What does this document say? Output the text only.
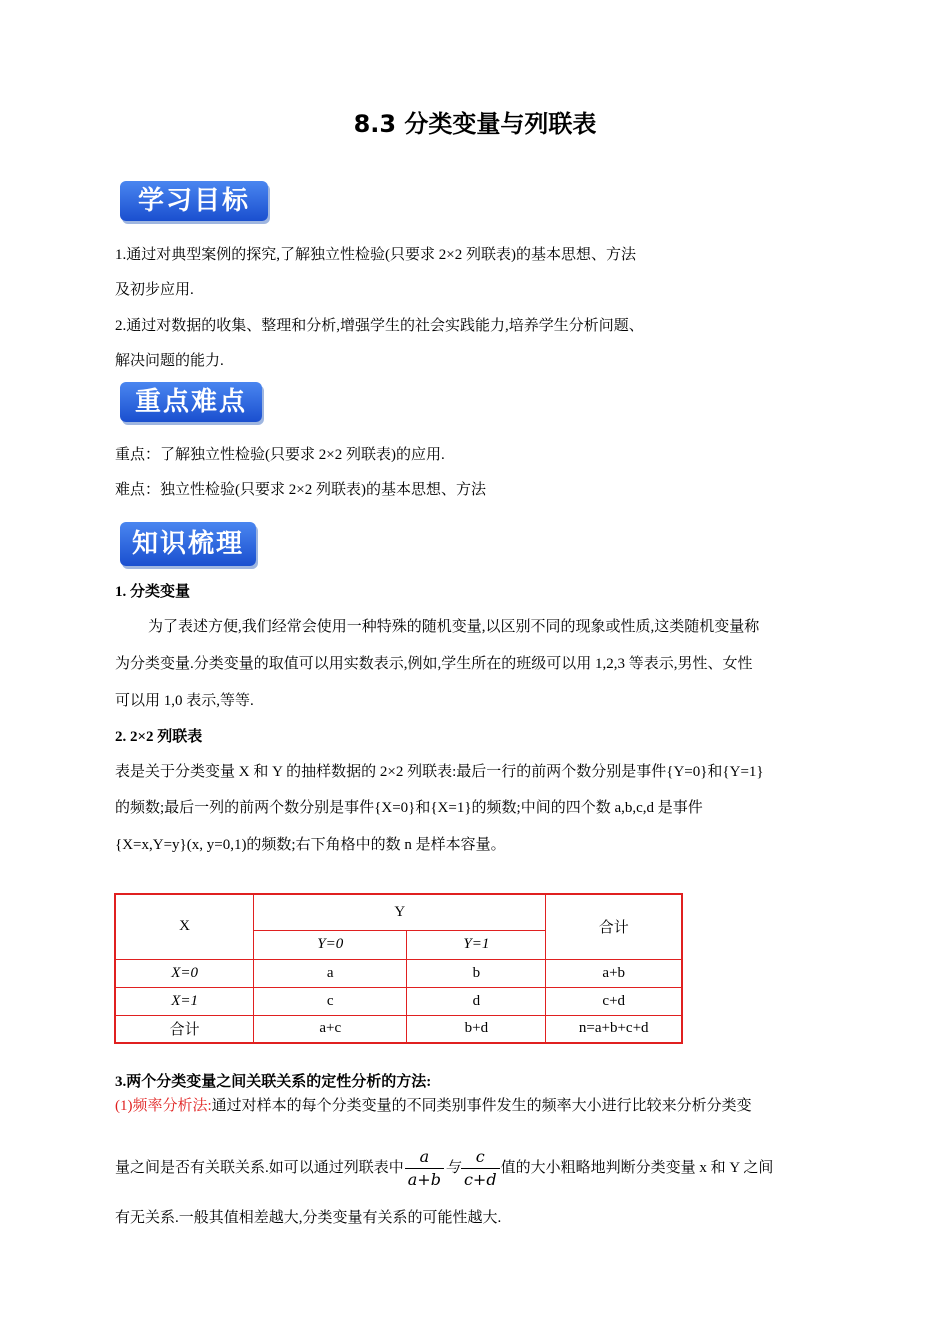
8.3 分类变量与列联表
学习目标
1.通过对典型案例的探究,了解独立性检验(只要求 2×2 列联表)的基本思想、方法
及初步应用.
2.通过对数据的收集、整理和分析,增强学生的社会实践能力,培养学生分析问题、
解决问题的能力.
重点难点
重点：了解独立性检验(只要求 2×2 列联表)的应用.
难点：独立性检验(只要求 2×2 列联表)的基本思想、方法
知识梳理
1. 分类变量
为了表述方便,我们经常会使用一种特殊的随机变量,以区别不同的现象或性质,这类随机变量称
为分类变量.分类变量的取值可以用实数表示,例如,学生所在的班级可以用 1,2,3 等表示,男性、女性
可以用 1,0 表示,等等.
2. 2×2 列联表
表是关于分类变量 X 和 Y 的抽样数据的 2×2 列联表:最后一行的前两个数分别是事件{Y=0}和{Y=1}
的频数;最后一列的前两个数分别是事件{X=0}和{X=1}的频数;中间的四个数 a,b,c,d 是事件
{X=x,Y=y}(x, y=0,1)的频数;右下角格中的数 n 是样本容量。
X	Y		合计
	Y=0	Y=1	
X=0	a	b	a+b
X=1	c	d	c+d
合计	a+c	b+d	n=a+b+c+d
3.两个分类变量之间关联关系的定性分析的方法:
(1)频率分析法:通过对样本的每个分类变量的不同类别事件发生的频率大小进行比较来分析分类变
量之间是否有关联关系.如可以通过列联表中 $\frac{a}{a+b}$ 与 $\frac{c}{c+d}$ 值的大小粗略地判断分类变量 x 和 Y 之间
有无关系.一般其值相差越大,分类变量有关系的可能性越大.
